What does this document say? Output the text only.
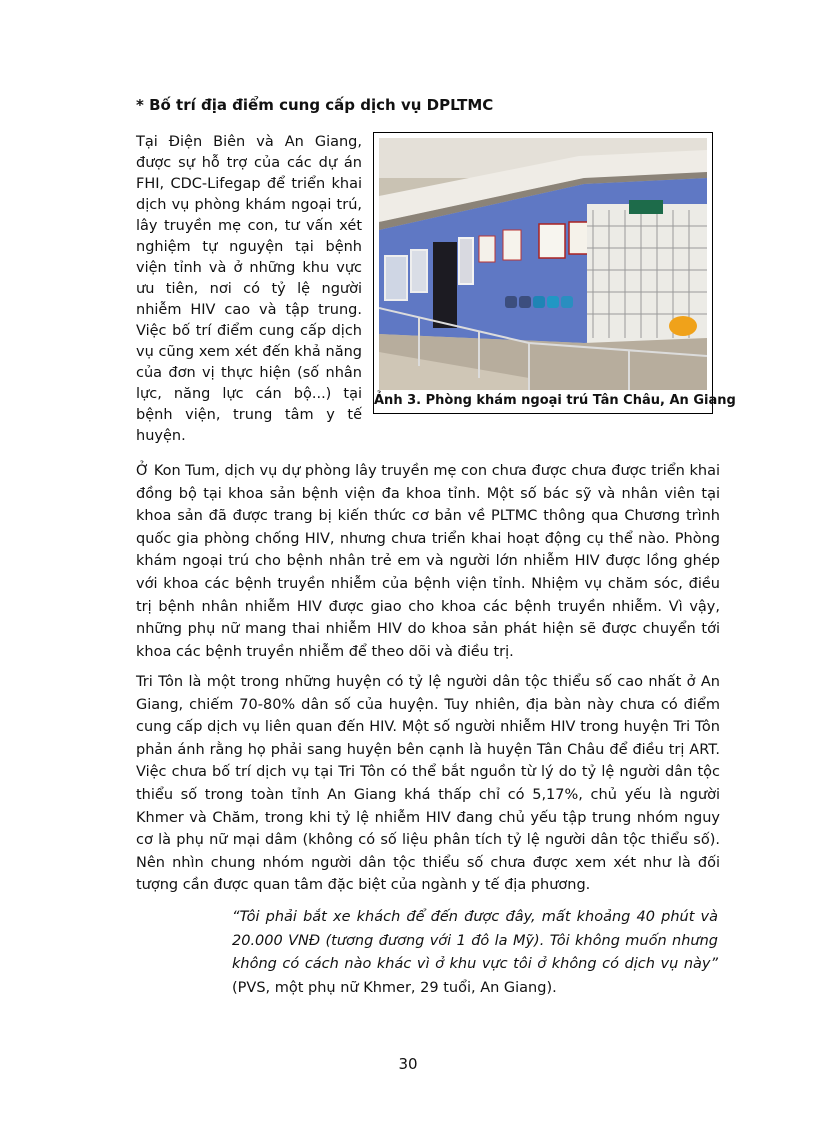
* Bố trí địa điểm cung cấp dịch vụ DPLTMC

Tại Điện Biên và An Giang, được sự hỗ trợ của các dự án FHI, CDC-Lifegap để triển khai dịch vụ phòng khám ngoại trú, lây truyền mẹ con, tư vấn xét nghiệm tự nguyện tại bệnh viện tỉnh và ở những khu vực ưu tiên, nơi có tỷ lệ người nhiễm HIV cao và tập trung. Việc bố trí điểm cung cấp dịch vụ cũng xem xét đến khả năng của đơn vị thực hiện (số nhân lực, năng lực cán bộ...) tại bệnh viện, trung tâm y tế huyện.

Ảnh 3. Phòng khám ngoại trú Tân Châu, An Giang

Ở Kon Tum, dịch vụ dự phòng lây truyền mẹ con chưa được chưa được triển khai đồng bộ tại khoa sản bệnh viện đa khoa tỉnh. Một số bác sỹ và nhân viên tại khoa sản đã được trang bị kiến thức cơ bản về PLTMC thông qua Chương trình quốc gia phòng chống HIV, nhưng chưa triển khai hoạt động cụ thể nào. Phòng khám ngoại trú cho bệnh nhân trẻ em và người lớn nhiễm HIV được lồng ghép với khoa các bệnh truyền nhiễm của bệnh viện tỉnh. Nhiệm vụ chăm sóc, điều trị bệnh nhân nhiễm HIV được giao cho khoa các bệnh truyền nhiễm. Vì vậy, những phụ nữ mang thai nhiễm HIV do khoa sản phát hiện sẽ được chuyển tới khoa các bệnh truyền nhiễm để theo dõi và điều trị.

Tri Tôn là một trong những huyện có tỷ lệ người dân tộc thiểu số cao nhất ở An Giang, chiếm 70-80% dân số của huyện. Tuy nhiên, địa bàn này chưa có điểm cung cấp dịch vụ liên quan đến HIV. Một số người nhiễm HIV trong huyện Tri Tôn phản ánh rằng họ phải sang huyện bên cạnh là huyện Tân Châu để điều trị ART. Việc chưa bố trí dịch vụ tại Tri Tôn có thể bắt nguồn từ lý do tỷ lệ người dân tộc thiểu số trong toàn tỉnh An Giang khá thấp chỉ có 5,17%, chủ yếu là người Khmer và Chăm, trong khi tỷ lệ nhiễm HIV đang chủ yếu tập trung nhóm nguy cơ là phụ nữ mại dâm (không có số liệu phân tích tỷ lệ người dân tộc thiểu số). Nên nhìn chung nhóm người dân tộc thiểu số chưa được xem xét như là đối tượng cần được quan tâm đặc biệt của ngành y tế địa phương.

“Tôi phải bắt xe khách để đến được đây, mất khoảng 40 phút và 20.000 VNĐ (tương đương với 1 đô la Mỹ). Tôi không muốn nhưng không có cách nào khác vì ở khu vực tôi ở không có dịch vụ này” (PVS, một phụ nữ Khmer, 29 tuổi, An Giang).

30
